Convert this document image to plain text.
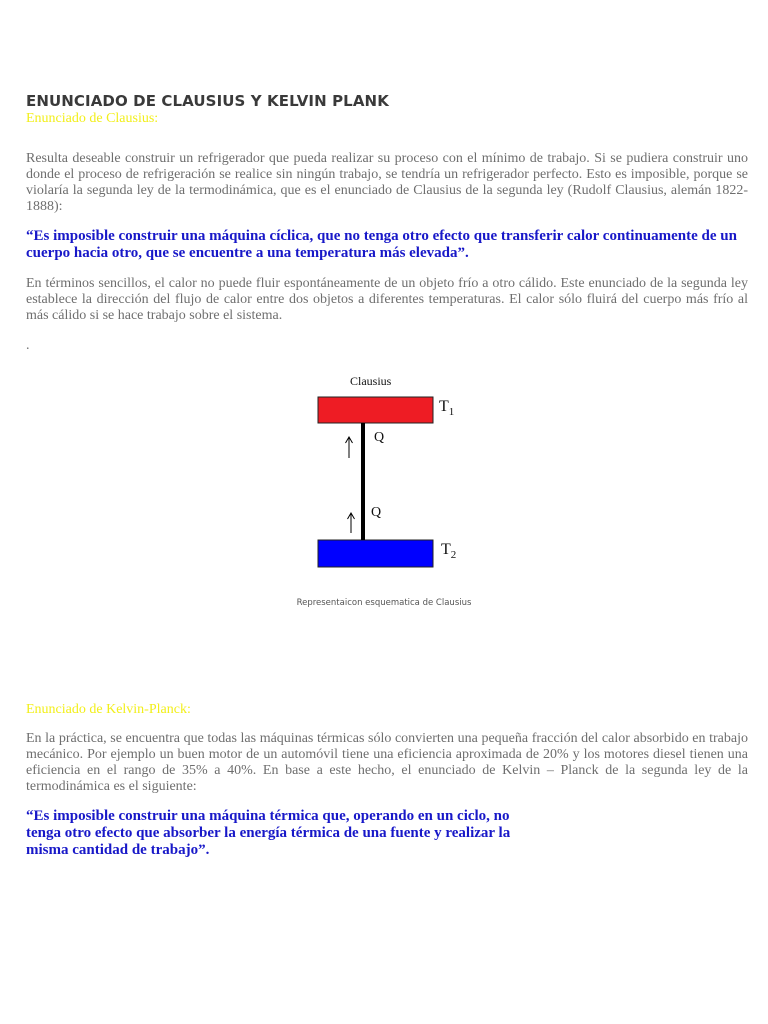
ENUNCIADO DE CLAUSIUS Y KELVIN PLANK

Enunciado de Clausius:

Resulta deseable construir un refrigerador que pueda realizar su proceso con el mínimo de trabajo. Si se pudiera construir uno donde el proceso de refrigeración se realice sin ningún trabajo, se tendría un refrigerador perfecto. Esto es imposible, porque se violaría la segunda ley de la termodinámica, que es el enunciado de Clausius de la segunda ley (Rudolf Clausius, alemán 1822-1888):

“Es imposible construir una máquina cíclica, que no tenga otro efecto que transferir calor continuamente de un cuerpo hacia otro, que se encuentre a una temperatura más elevada”.

En términos sencillos, el calor no puede fluir espontáneamente de un objeto frío a otro cálido. Este enunciado de la segunda ley establece la dirección del flujo de calor entre dos objetos a diferentes temperaturas. El calor sólo fluirá del cuerpo más frío al más cálido si se hace trabajo sobre el sistema.

.

Clausius
$T_1$
Q
Q
$T_2$
Representaicon esquematica de Clausius

Enunciado de Kelvin-Planck:

En la práctica, se encuentra que todas las máquinas térmicas sólo convierten una pequeña fracción del calor absorbido en trabajo mecánico. Por ejemplo un buen motor de un automóvil tiene una eficiencia aproximada de 20% y los motores diesel tienen una eficiencia en el rango de 35% a 40%. En base a este hecho, el enunciado de Kelvin – Planck de la segunda ley de la termodinámica es el siguiente:

“Es imposible construir una máquina térmica que, operando en un ciclo, no tenga otro efecto que absorber la energía térmica de una fuente y realizar la misma cantidad de trabajo”.
